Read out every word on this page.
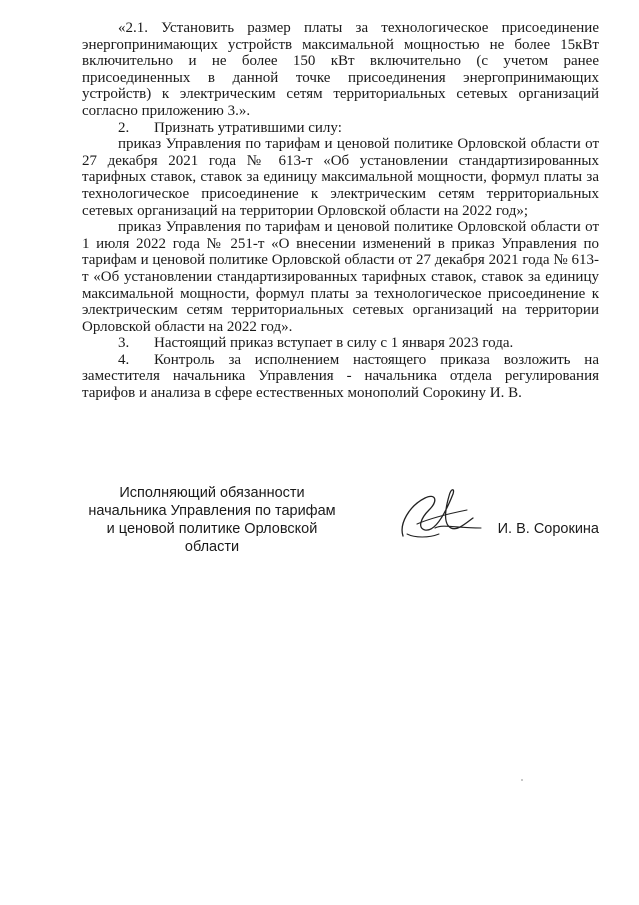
«2.1. Установить размер платы за технологическое присоединение энергопринимающих устройств максимальной мощностью не более 15кВт включительно и не более 150 кВт включительно (с учетом ранее присоединенных в данной точке присоединения энергопринимающих устройств) к электрическим сетям территориальных сетевых организаций согласно приложению 3.».

2. Признать утратившими силу:

приказ Управления по тарифам и ценовой политике Орловской области от 27 декабря 2021 года № 613-т «Об установлении стандартизированных тарифных ставок, ставок за единицу максимальной мощности, формул платы за технологическое присоединение к электрическим сетям территориальных сетевых организаций на территории Орловской области на 2022 год»;

приказ Управления по тарифам и ценовой политике Орловской области от 1 июля 2022 года № 251-т «О внесении изменений в приказ Управления по тарифам и ценовой политике Орловской области от 27 декабря 2021 года № 613-т «Об установлении стандартизированных тарифных ставок, ставок за единицу максимальной мощности, формул платы за технологическое присоединение к электрическим сетям территориальных сетевых организаций на территории Орловской области на 2022 год».

3. Настоящий приказ вступает в силу с 1 января 2023 года.

4. Контроль за исполнением настоящего приказа возложить на заместителя начальника Управления - начальника отдела регулирования тарифов и анализа в сфере естественных монополий Сорокину И. В.

Исполняющий обязанности
начальника Управления по тарифам
и ценовой политике Орловской области
И. В. Сорокина
